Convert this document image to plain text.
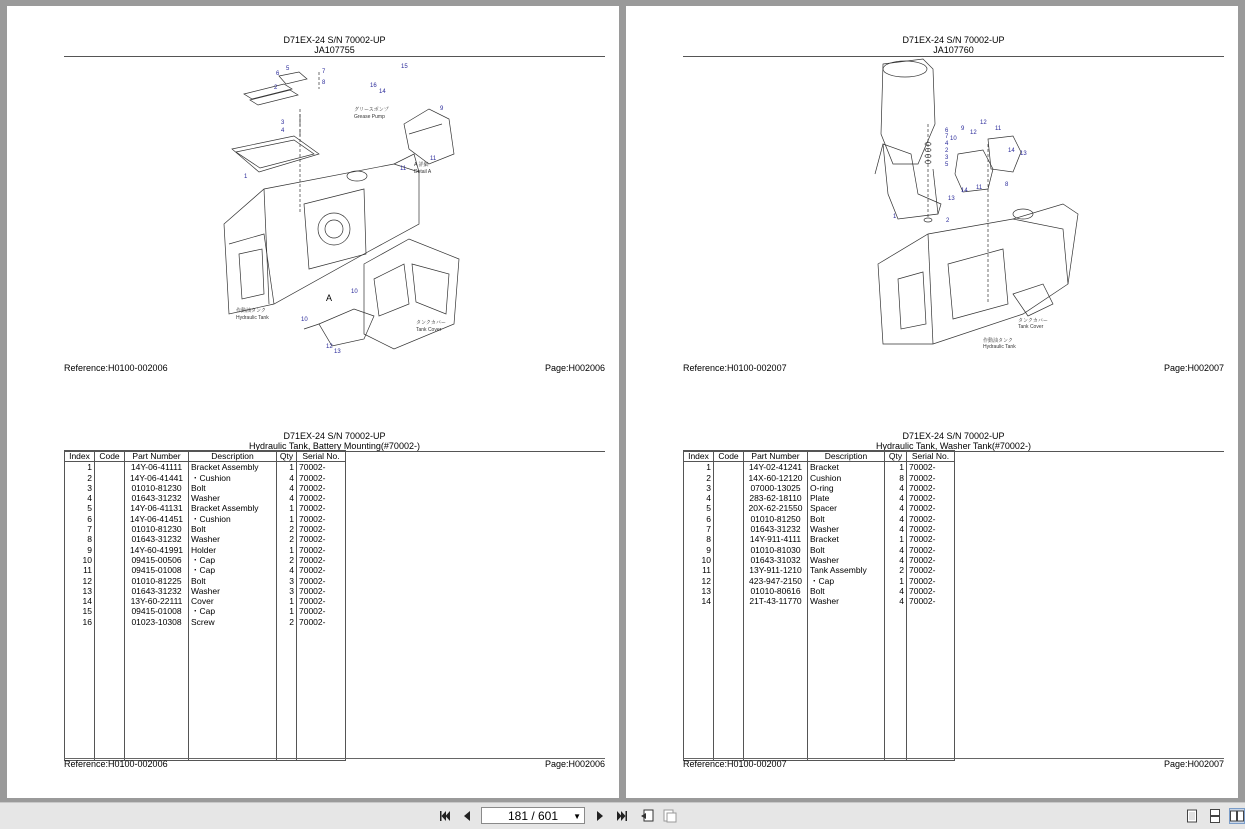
D71EX-24 S/N 70002-UP
JA107755
5
6	7
8
2
3
4
1
15
16
14
9
11
11
10
10
12
13
グリースポンプ
Grease Pump
A 詳細
Detail A
作動油タンク
Hydraulic Tank
タンクカバー
Tank Cover
A
Reference:H0100-002006	Page:H002006
D71EX-24 S/N 70002-UP
Hydraulic Tank, Battery Mounting(#70002-)
Index	Code	Part Number	Description	Qty	Serial No.
1		14Y-06-41111	Bracket Assembly	1	70002-
2		14Y-06-41441	・Cushion	4	70002-
3		01010-81230	Bolt	4	70002-
4		01643-31232	Washer	4	70002-
5		14Y-06-41131	Bracket Assembly	1	70002-
6		14Y-06-41451	・Cushion	1	70002-
7		01010-81230	Bolt	2	70002-
8		01643-31232	Washer	2	70002-
9		14Y-60-41991	Holder	1	70002-
10		09415-00506	・Cap	2	70002-
11		09415-01008	・Cap	4	70002-
12		01010-81225	Bolt	3	70002-
13		01643-31232	Washer	3	70002-
14		13Y-60-22111	Cover	1	70002-
15		09415-01008	・Cap	1	70002-
16		01023-10308	Screw	2	70002-

Reference:H0100-002006	Page:H002006
D71EX-24 S/N 70002-UP
JA107760
6
7
4
2
3
5
12
10
12
11
9
14 13
14 11	8
13
1
2
タンクカバー
Tank Cover
作動油タンク
Hydraulic Tank
Reference:H0100-002007	Page:H002007
D71EX-24 S/N 70002-UP
Hydraulic Tank, Washer Tank(#70002-)
Index	Code	Part Number	Description	Qty	Serial No.
1		14Y-02-41241	Bracket	1	70002-
2		14X-60-12120	Cushion	8	70002-
3		07000-13025	O-ring	4	70002-
4		283-62-18110	Plate	4	70002-
5		20X-62-21550	Spacer	4	70002-
6		01010-81250	Bolt	4	70002-
7		01643-31232	Washer	4	70002-
8		14Y-911-4111	Bracket	1	70002-
9		01010-81030	Bolt	4	70002-
10		01643-31032	Washer	4	70002-
11		13Y-911-1210	Tank Assembly	2	70002-
12		423-947-2150	・Cap	1	70002-
13		01010-80616	Bolt	4	70002-
14		21T-43-11770	Washer	4	70002-

Reference:H0100-002007	Page:H002007
181 / 601 ▼
